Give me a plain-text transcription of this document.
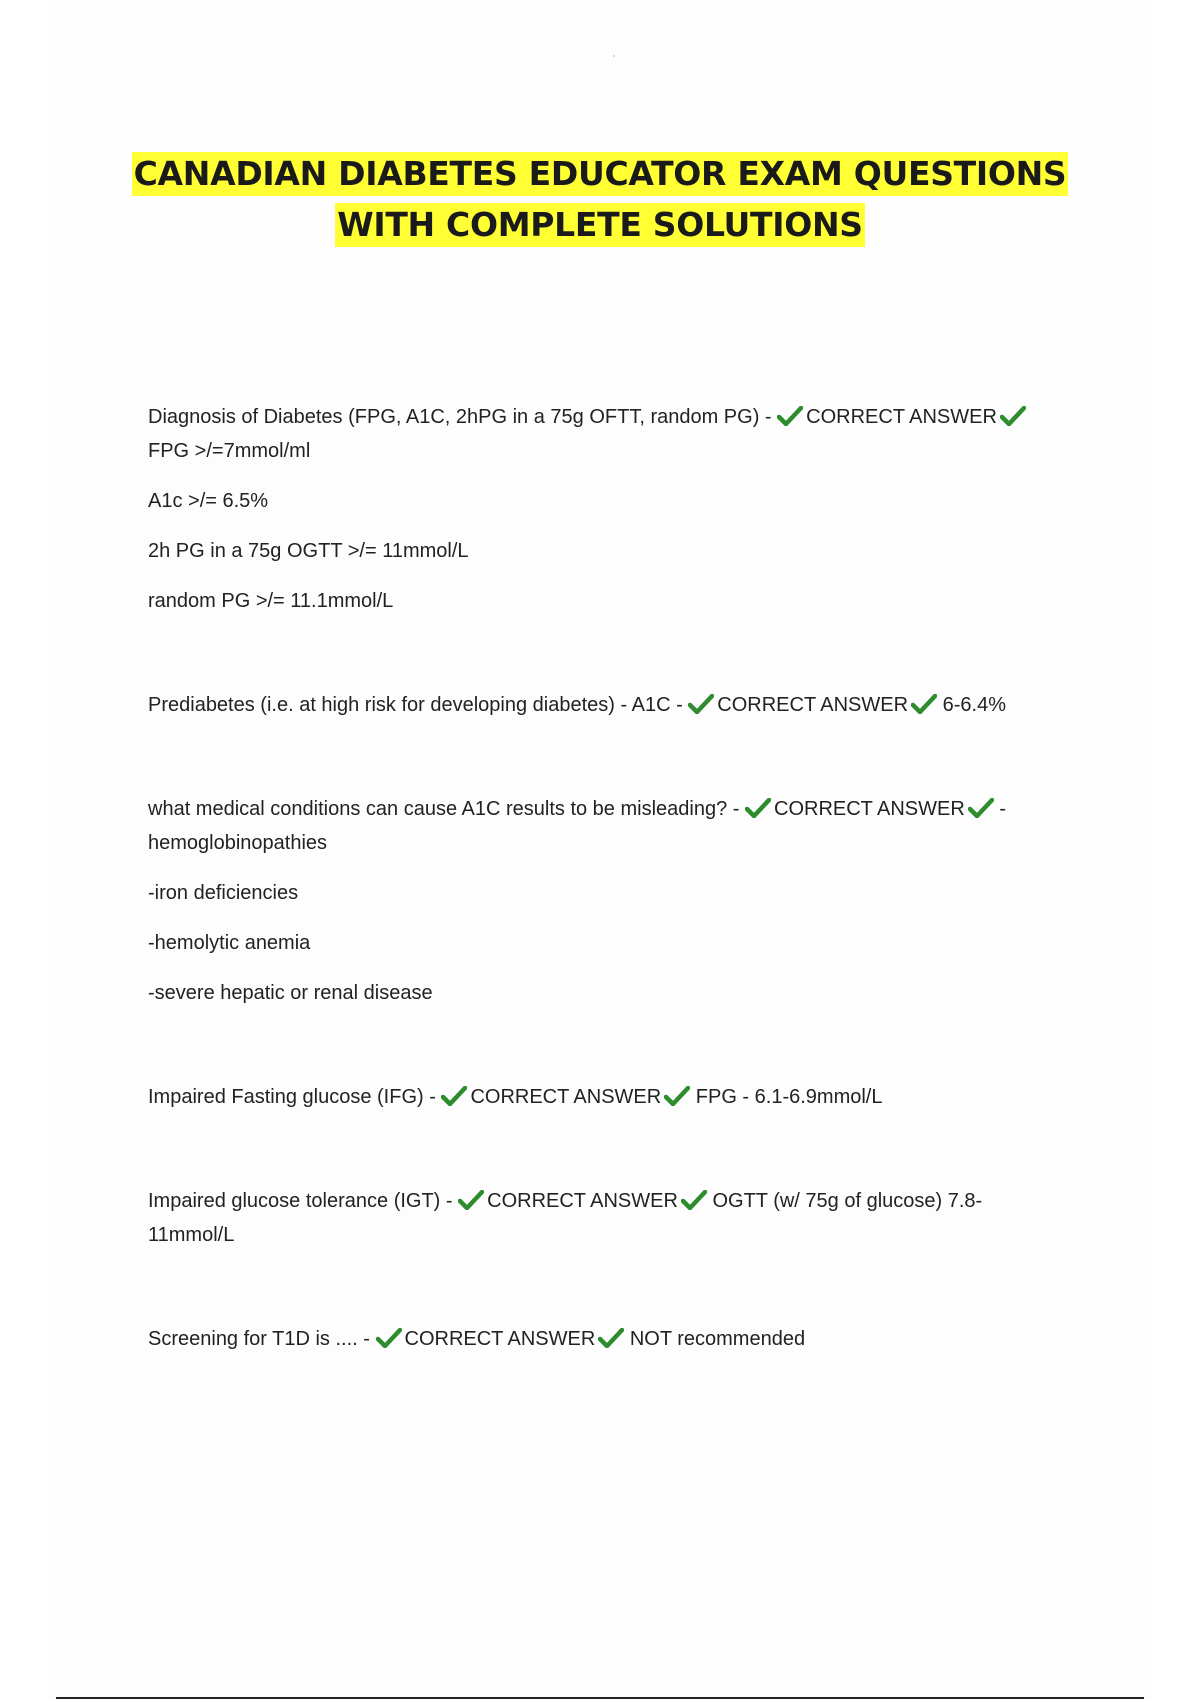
CANADIAN DIABETES EDUCATOR EXAM QUESTIONS
WITH COMPLETE SOLUTIONS

Diagnosis of Diabetes (FPG, A1C, 2hPG in a 75g OFTT, random PG) - CORRECT ANSWER

FPG >/=7mmol/ml

A1c >/= 6.5%

2h PG in a 75g OGTT >/= 11mmol/L

random PG >/= 11.1mmol/L

Prediabetes (i.e. at high risk for developing diabetes) - A1C - CORRECT ANSWER 6-6.4%

what medical conditions can cause A1C results to be misleading? - CORRECT ANSWER -
hemoglobinopathies

-iron deficiencies

-hemolytic anemia

-severe hepatic or renal disease

Impaired Fasting glucose (IFG) - CORRECT ANSWER FPG - 6.1-6.9mmol/L

Impaired glucose tolerance (IGT) - CORRECT ANSWER OGTT (w/ 75g of glucose) 7.8-
11mmol/L

Screening for T1D is .... - CORRECT ANSWER NOT recommended
